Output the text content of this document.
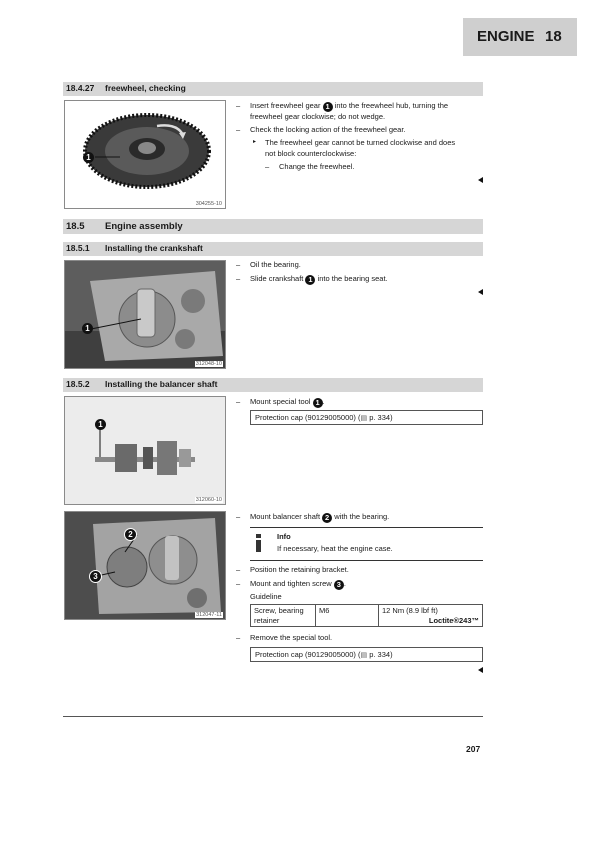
ENGINE 18
18.4.27 freewheel, checking
1
304255-10
– Insert freewheel gear 1 into the freewheel hub, turning the
freewheel gear clockwise; do not wedge.
– Check the locking action of the freewheel gear.
▸ The freewheel gear cannot be turned clockwise and does
not block counterclockwise:
– Change the freewheel.
18.5 Engine assembly
18.5.1 Installing the crankshaft
1
312048-10
– Oil the bearing.
– Slide crankshaft 1 into the bearing seat.
18.5.2 Installing the balancer shaft
1
312060-10
– Mount special tool 1 .
Protection cap (90129005000) (▤ p. 334)
2
3
312047-11
– Mount balancer shaft 2 with the bearing.
Info
If necessary, heat the engine case.
– Position the retaining bracket.
– Mount and tighten screw 3 .
Guideline
Screw, bearing
retainer
	M6	12 Nm (8.9 lbf ft)
Loctite®243™
– Remove the special tool.
Protection cap (90129005000) (▤ p. 334)
207
